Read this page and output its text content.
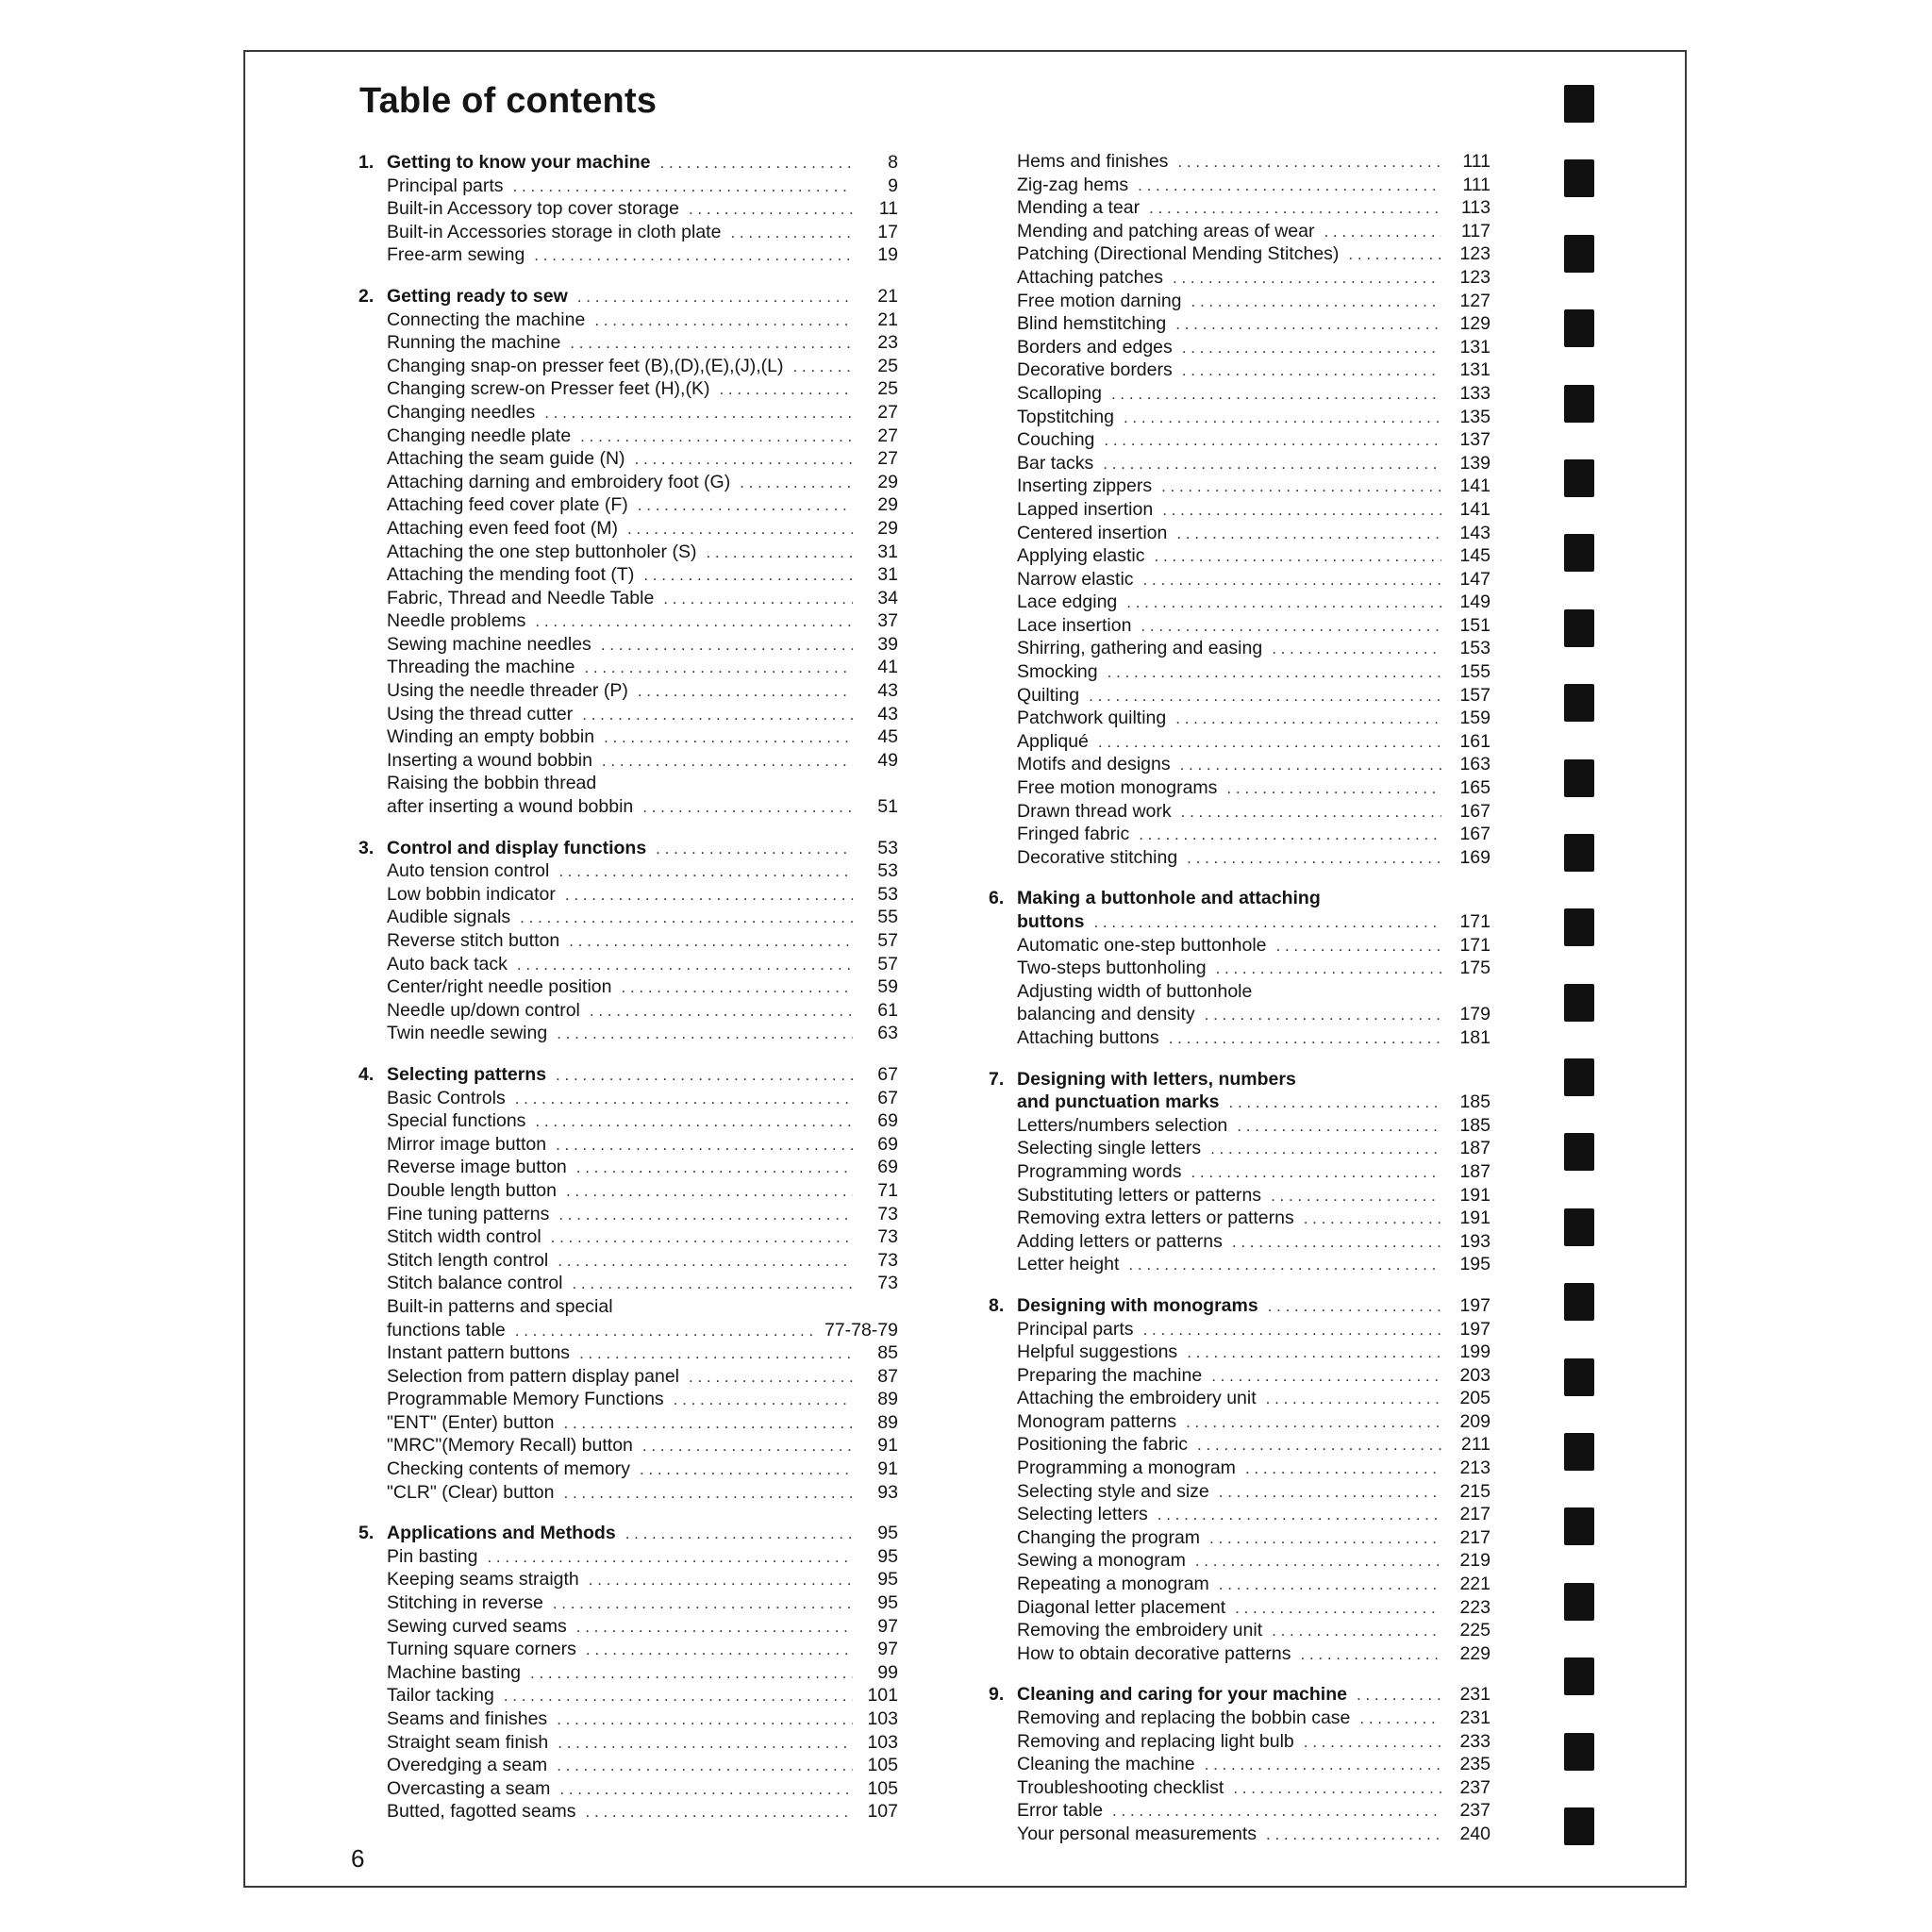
Table of contents
1. Getting to know your machine . . .	8
Principal parts . . .	9
Built-in Accessory top cover storage . . .	11
Built-in Accessories storage in cloth plate . . .	17
Free-arm sewing . . .	19
2. Getting ready to sew . . .	21
Connecting the machine . . .	21
Running the machine . . .	23
Changing snap-on presser feet (B),(D),(E),(J),(L) . . .	25
Changing screw-on Presser feet (H),(K) . . .	25
Changing needles . . .	27
Changing needle plate . . .	27
Attaching the seam guide (N) . . .	27
Attaching darning and embroidery foot (G) . . .	29
Attaching feed cover plate (F) . . .	29
Attaching even feed foot (M) . . .	29
Attaching the one step buttonholer (S) . . .	31
Attaching the mending foot (T) . . .	31
Fabric, Thread and Needle Table . . .	34
Needle problems . . .	37
Sewing machine needles . . .	39
Threading the machine . . .	41
Using the needle threader (P) . . .	43
Using the thread cutter . . .	43
Winding an empty bobbin . . .	45
Inserting a wound bobbin . . .	49
Raising the bobbin thread
after inserting a wound bobbin . . .	51
3. Control and display functions . . .	53
Auto tension control . . .	53
Low bobbin indicator . . .	53
Audible signals . . .	55
Reverse stitch button . . .	57
Auto back tack . . .	57
Center/right needle position . . .	59
Needle up/down control . . .	61
Twin needle sewing . . .	63
4. Selecting patterns . . .	67
Basic Controls . . .	67
Special functions . . .	69
Mirror image button . . .	69
Reverse image button . . .	69
Double length button . . .	71
Fine tuning patterns . . .	73
Stitch width control . . .	73
Stitch length control . . .	73
Stitch balance control . . .	73
Built-in patterns and special
functions table . . .	77-78-79
Instant pattern buttons . . .	85
Selection from pattern display panel . . .	87
Programmable Memory Functions . . .	89
"ENT" (Enter) button . . .	89
"MRC"(Memory Recall) button . . .	91
Checking contents of memory . . .	91
"CLR" (Clear) button . . .	93
5. Applications and Methods . . .	95
Pin basting . . .	95
Keeping seams straigth . . .	95
Stitching in reverse . . .	95
Sewing curved seams . . .	97
Turning square corners . . .	97
Machine basting . . .	99
Tailor tacking . . .	101
Seams and finishes . . .	103
Straight seam finish . . .	103
Overedging a seam . . .	105
Overcasting a seam . . .	105
Butted, fagotted seams . . .	107
Hems and finishes . . .	111
Zig-zag hems . . .	111
Mending a tear . . .	113
Mending and patching areas of wear . . .	117
Patching (Directional Mending Stitches) . . .	123
Attaching patches . . .	123
Free motion darning . . .	127
Blind hemstitching . . .	129
Borders and edges . . .	131
Decorative borders . . .	131
Scalloping . . .	133
Topstitching . . .	135
Couching . . .	137
Bar tacks . . .	139
Inserting zippers . . .	141
Lapped insertion . . .	141
Centered insertion . . .	143
Applying elastic . . .	145
Narrow elastic . . .	147
Lace edging . . .	149
Lace insertion . . .	151
Shirring, gathering and easing . . .	153
Smocking . . .	155
Quilting . . .	157
Patchwork quilting . . .	159
Appliqué . . .	161
Motifs and designs . . .	163
Free motion monograms . . .	165
Drawn thread work . . .	167
Fringed fabric . . .	167
Decorative stitching . . .	169
6. Making a buttonhole and attaching
buttons . . .	171
Automatic one-step buttonhole . . .	171
Two-steps buttonholing . . .	175
Adjusting width of buttonhole
balancing and density . . .	179
Attaching buttons . . .	181
7. Designing with letters, numbers
and punctuation marks . . .	185
Letters/numbers selection . . .	185
Selecting single letters . . .	187
Programming words . . .	187
Substituting letters or patterns . . .	191
Removing extra letters or patterns . . .	191
Adding letters or patterns . . .	193
Letter height . . .	195
8. Designing with monograms . . .	197
Principal parts . . .	197
Helpful suggestions . . .	199
Preparing the machine . . .	203
Attaching the embroidery unit . . .	205
Monogram patterns . . .	209
Positioning the fabric . . .	211
Programming a monogram . . .	213
Selecting style and size . . .	215
Selecting letters . . .	217
Changing the program . . .	217
Sewing a monogram . . .	219
Repeating a monogram . . .	221
Diagonal letter placement . . .	223
Removing the embroidery unit . . .	225
How to obtain decorative patterns . . .	229
9. Cleaning and caring for your machine . . .	231
Removing and replacing the bobbin case . . .	231
Removing and replacing light bulb . . .	233
Cleaning the machine . . .	235
Troubleshooting checklist . . .	237
Error table . . .	237
Your personal measurements . . .	240
6
